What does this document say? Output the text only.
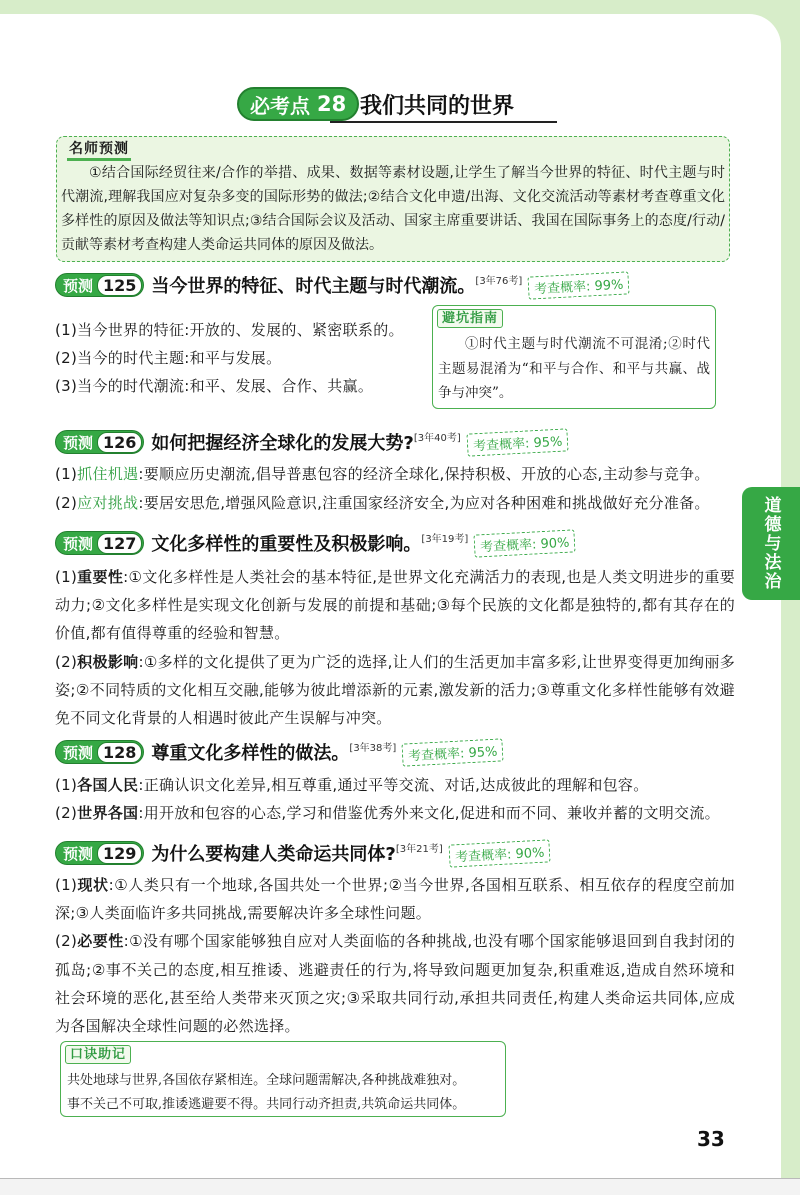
道德与法治
必考点 28 我们共同的世界
名师预测
①结合国际经贸往来/合作的举措、成果、数据等素材设题,让学生了解当今世界的特征、时代主题与时代潮流,理解我国应对复杂多变的国际形势的做法;②结合文化申遗/出海、文化交流活动等素材考查尊重文化多样性的原因及做法等知识点;③结合国际会议及活动、国家主席重要讲话、我国在国际事务上的态度/行动/贡献等素材考查构建人类命运共同体的原因及做法。
预测 125 当今世界的特征、时代主题与时代潮流。 [3年76考] 考查概率: 99%
(1)当今世界的特征:开放的、发展的、紧密联系的。
(2)当今的时代主题:和平与发展。
(3)当今的时代潮流:和平、发展、合作、共赢。
避坑指南
①时代主题与时代潮流不可混淆;②时代主题易混淆为“和平与合作、和平与共赢、战争与冲突”。
预测 126 如何把握经济全球化的发展大势? [3年40考] 考查概率: 95%
(1)抓住机遇:要顺应历史潮流,倡导普惠包容的经济全球化,保持积极、开放的心态,主动参与竞争。
(2)应对挑战:要居安思危,增强风险意识,注重国家经济安全,为应对各种困难和挑战做好充分准备。
预测 127 文化多样性的重要性及积极影响。 [3年19考] 考查概率: 90%
(1)重要性:①文化多样性是人类社会的基本特征,是世界文化充满活力的表现,也是人类文明进步的重要动力;②文化多样性是实现文化创新与发展的前提和基础;③每个民族的文化都是独特的,都有其存在的价值,都有值得尊重的经验和智慧。
(2)积极影响:①多样的文化提供了更为广泛的选择,让人们的生活更加丰富多彩,让世界变得更加绚丽多姿;②不同特质的文化相互交融,能够为彼此增添新的元素,激发新的活力;③尊重文化多样性能够有效避免不同文化背景的人相遇时彼此产生误解与冲突。
预测 128 尊重文化多样性的做法。 [3年38考] 考查概率: 95%
(1)各国人民:正确认识文化差异,相互尊重,通过平等交流、对话,达成彼此的理解和包容。
(2)世界各国:用开放和包容的心态,学习和借鉴优秀外来文化,促进和而不同、兼收并蓄的文明交流。
预测 129 为什么要构建人类命运共同体? [3年21考] 考查概率: 90%
(1)现状:①人类只有一个地球,各国共处一个世界;②当今世界,各国相互联系、相互依存的程度空前加深;③人类面临许多共同挑战,需要解决许多全球性问题。
(2)必要性:①没有哪个国家能够独自应对人类面临的各种挑战,也没有哪个国家能够退回到自我封闭的孤岛;②事不关己的态度,相互推诿、逃避责任的行为,将导致问题更加复杂,积重难返,造成自然环境和社会环境的恶化,甚至给人类带来灭顶之灾;③采取共同行动,承担共同责任,构建人类命运共同体,应成为各国解决全球性问题的必然选择。
口诀助记
共处地球与世界,各国依存紧相连。全球问题需解决,各种挑战难独对。
事不关己不可取,推诿逃避要不得。共同行动齐担责,共筑命运共同体。
33
